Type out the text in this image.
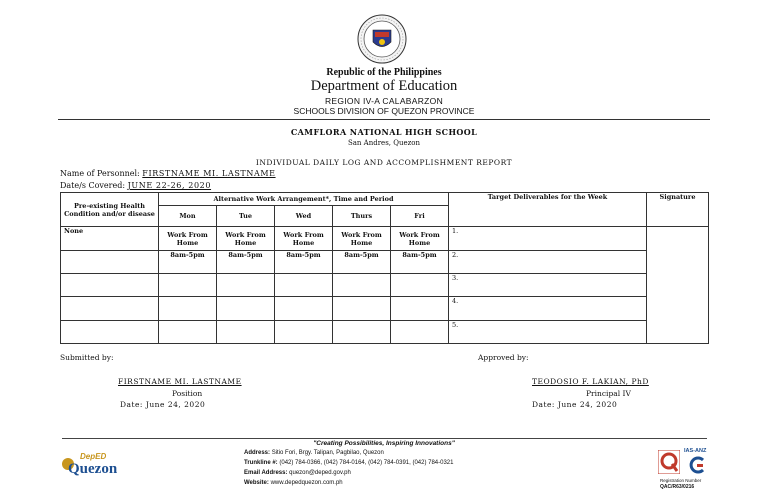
Republic of the Philippines
Department of Education
REGION IV-A CALABARZON
SCHOOLS DIVISION OF QUEZON PROVINCE
CAMFLORA NATIONAL HIGH SCHOOL
San Andres, Quezon
INDIVIDUAL DAILY LOG AND ACCOMPLISHMENT REPORT
Name of Personnel: FIRSTNAME MI. LASTNAME
Date/s Covered: JUNE 22-26, 2020
Pre-existing Health Condition and/or disease	Alternative Work Arrangement*, Time and Period					Target Deliverables for the Week	Signature
	Mon	Tue	Wed	Thurs	Fri		
None	Work From Home	Work From Home	Work From Home	Work From Home	Work From Home	1.	
	8am-5pm	8am-5pm	8am-5pm	8am-5pm	8am-5pm	2.	
						3.	
						4.	
						5.	
Submitted by:	Approved by:
FIRSTNAME MI. LASTNAME
Position
Date: June 24, 2020
TEODOSIO F. LAKIAN, PhD
Principal IV
Date: June 24, 2020
"Creating Possibilities, Inspiring Innovations"
DepED
Quezon
Address: Sitio Fori, Brgy. Talipan, Pagbilao, Quezon
Trunkline #: (042) 784-0366, (042) 784-0164, (042) 784-0391, (042) 784-0321
Email Address: quezon@deped.gov.ph
Website: www.depedquezon.com.ph
IAS-ANZ
Registration Number
QAC/R63/0216
